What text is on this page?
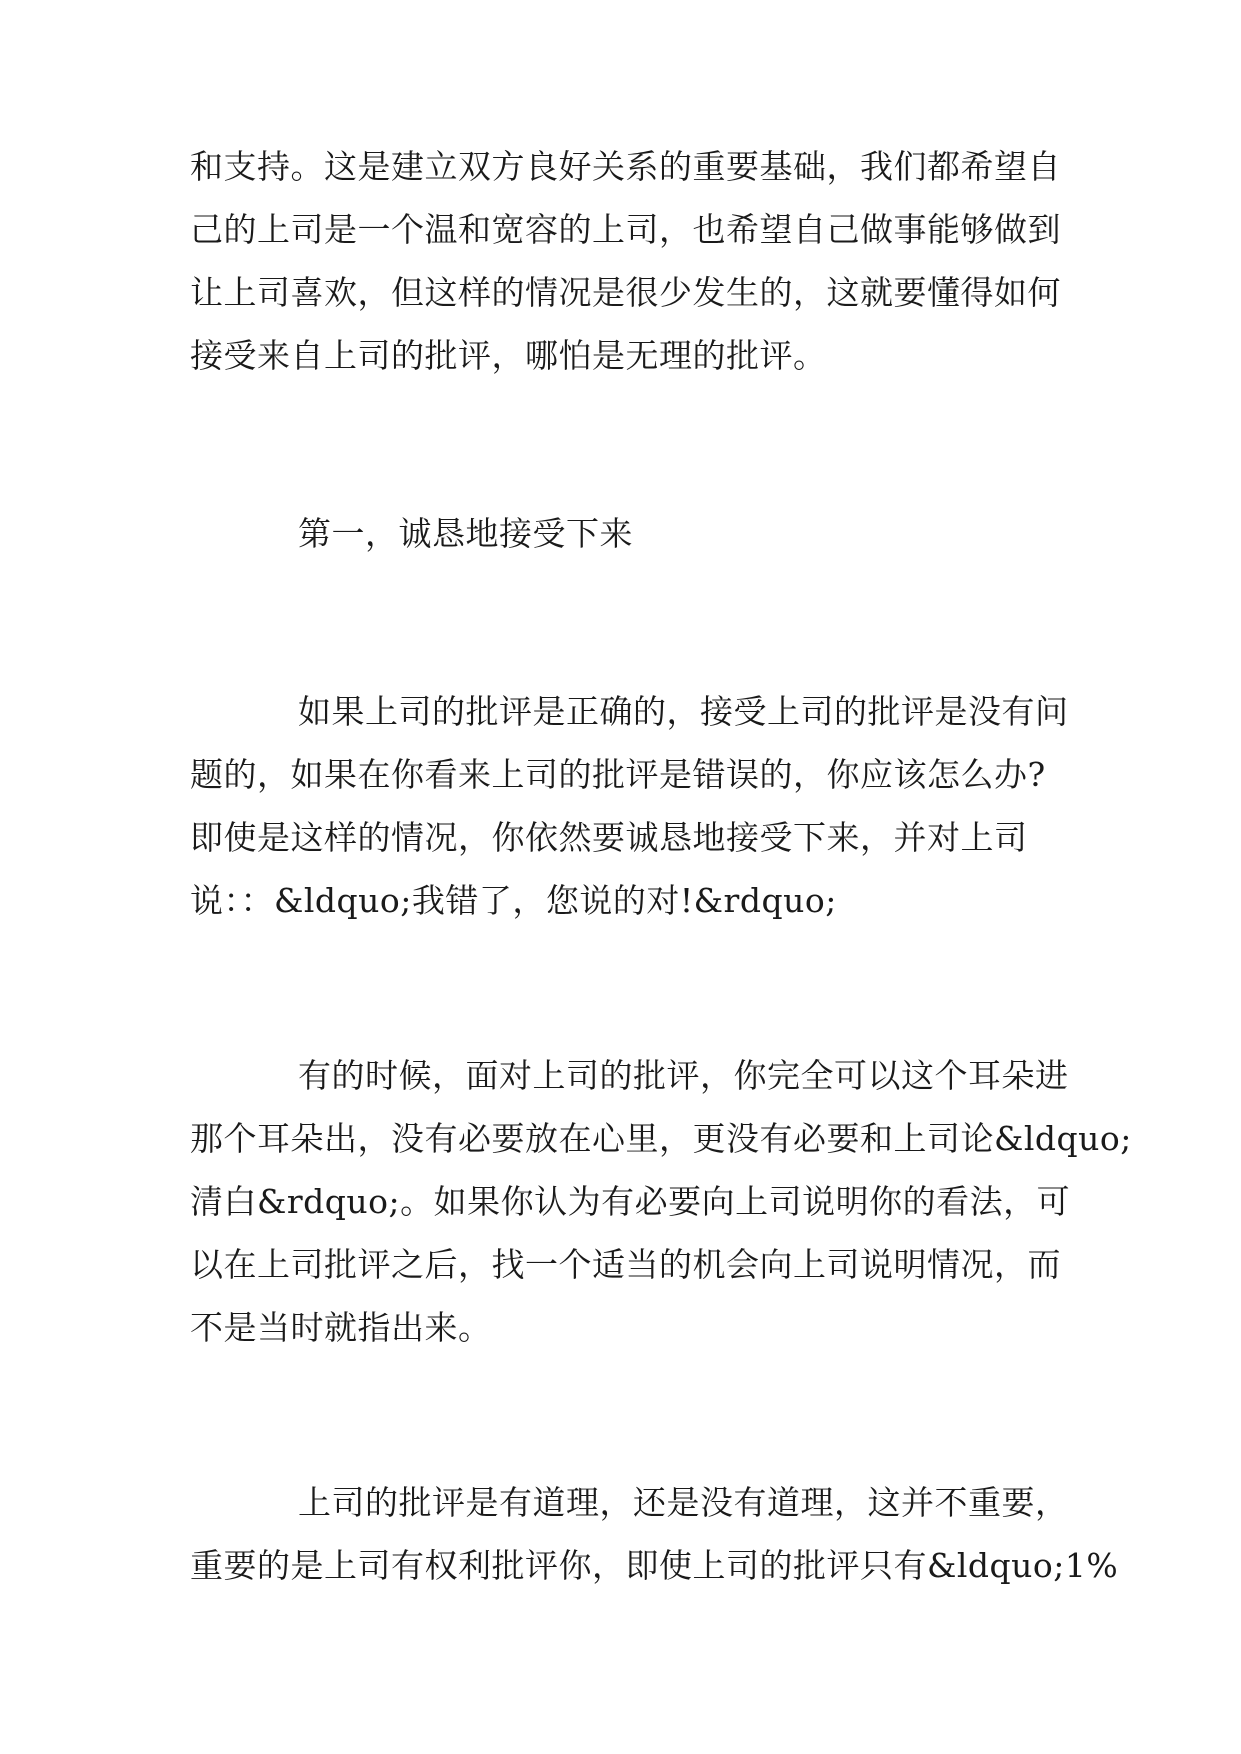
和支持。这是建立双方良好关系的重要基础，我们都希望自
己的上司是一个温和宽容的上司，也希望自己做事能够做到
让上司喜欢，但这样的情况是很少发生的，这就要懂得如何
接受来自上司的批评，哪怕是无理的批评。
第一，诚恳地接受下来
如果上司的批评是正确的，接受上司的批评是没有问
题的，如果在你看来上司的批评是错误的，你应该怎么办?
即使是这样的情况，你依然要诚恳地接受下来，并对上司
说：：&ldquo;我错了，您说的对!&rdquo;
有的时候，面对上司的批评，你完全可以这个耳朵进
那个耳朵出，没有必要放在心里，更没有必要和上司论&ldquo;
清白&rdquo;。如果你认为有必要向上司说明你的看法，可
以在上司批评之后，找一个适当的机会向上司说明情况，而
不是当时就指出来。
上司的批评是有道理，还是没有道理，这并不重要，
重要的是上司有权利批评你，即使上司的批评只有&ldquo;1%
